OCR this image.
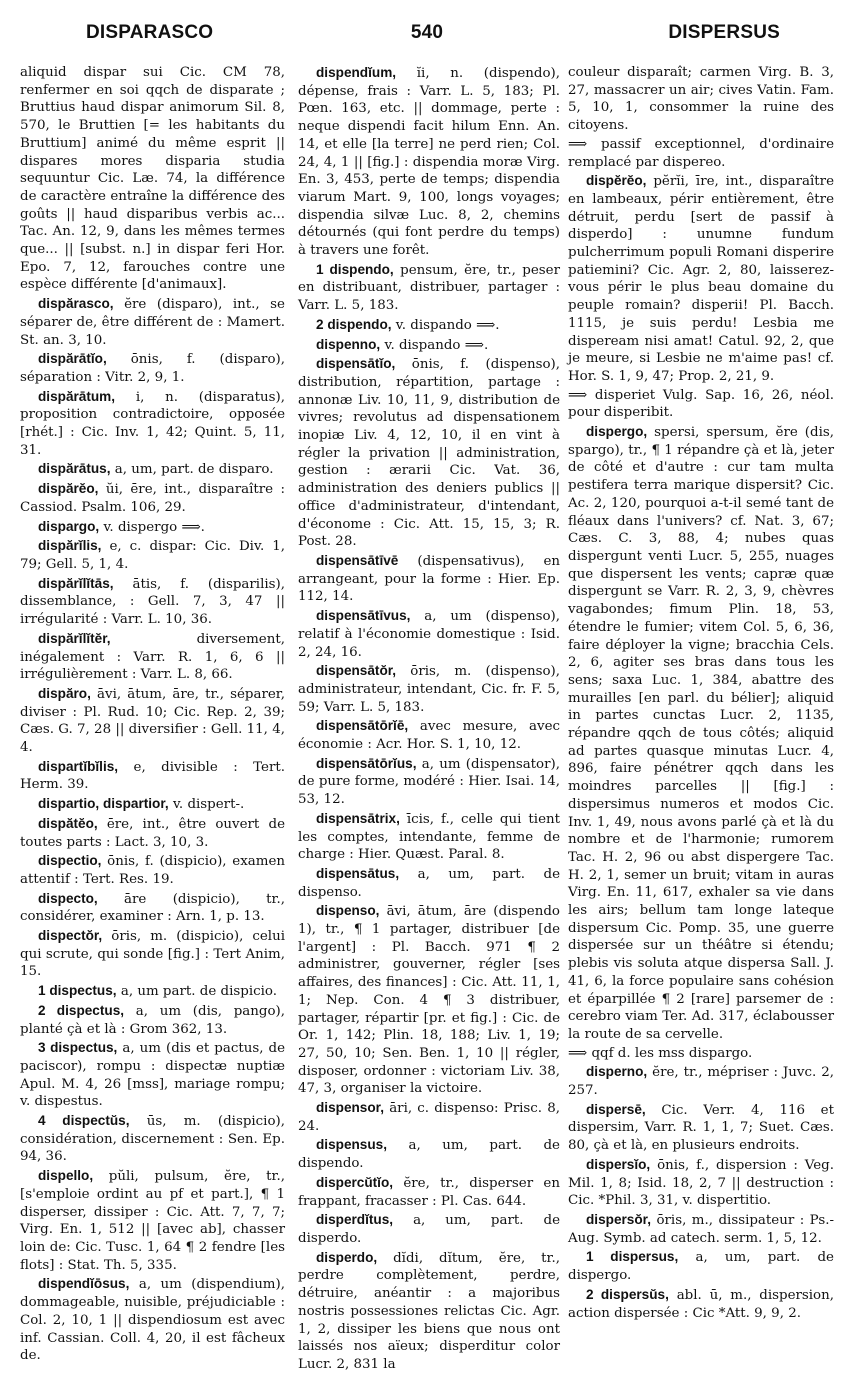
DISPARASCO	540	DISPERSUS

aliquid dispar sui Cic. CM 78, renfermer en soi qqch de disparate ; Bruttius haud dispar animorum Sil. 8, 570, le Bruttien [= les habitants du Bruttium] animé du même esprit || dispares mores disparia studia sequuntur Cic. Læ. 74, la différence de caractère entraîne la différence des goûts || haud disparibus verbis ac... Tac. An. 12, 9, dans les mêmes termes que... || [subst. n.] in dispar feri Hor. Epo. 7, 12, farouches contre une espèce différente [d'animaux].

dispărasco, ĕre (disparo), int., se séparer de, être différent de : Mamert. St. an. 3, 10.

dispărātĭo, ōnis, f. (disparo), séparation : Vitr. 2, 9, 1.

dispărātum, i, n. (disparatus), proposition contradictoire, opposée [rhét.] : Cic. Inv. 1, 42; Quint. 5, 11, 31.

dispărātus, a, um, part. de disparo.

dispărĕo, ŭi, ēre, int., disparaître : Cassiod. Psalm. 106, 29.

dispargo, v. dispergo ⟹.

dispărĭlis, e, c. dispar: Cic. Div. 1, 79; Gell. 5, 1, 4.

dispărĭlĭtās, ātis, f. (disparilis), dissemblance, : Gell. 7, 3, 47 || irrégularité : Varr. L. 10, 36.

dispărĭlĭtĕr,	diversement, inégalement : Varr. R. 1, 6, 6 || irrégulièrement : Varr. L. 8, 66.

dispăro, āvi, ātum, āre, tr., séparer, diviser : Pl. Rud. 10; Cic. Rep. 2, 39; Cæs. G. 7, 28 || diversifier : Gell. 11, 4, 4.

dispartĭbĭlis, e, divisible : Tert. Herm. 39.

dispartio, dispartior, v. dispert-.

dispătĕo, ēre, int., être ouvert de toutes parts : Lact. 3, 10, 3.

dispectio, ōnis, f. (dispicio), examen attentif : Tert. Res. 19.

dispecto, āre (dispicio), tr., considérer, examiner : Arn. 1, p. 13.

dispectŏr, ōris, m. (dispicio), celui qui scrute, qui sonde [fig.] : Tert Anim, 15.

1 dispectus, a, um part. de dispicio.

2 dispectus, a, um (dis, pango), planté çà et là : Grom 362, 13.

3 dispectus, a, um (dis et pactus, de paciscor), rompu : dispectæ nuptiæ Apul. M. 4, 26 [mss], mariage rompu; v. dispestus.

4 dispectŭs, ūs, m. (dispicio), considération, discernement : Sen. Ep. 94, 36.

dispello, pŭli, pulsum, ĕre, tr., [s'emploie ordint au pf et part.], ¶ 1 disperser, dissiper : Cic. Att. 7, 7, 7; Virg. En. 1, 512 || [avec ab], chasser loin de: Cic. Tusc. 1, 64 ¶ 2 fendre [les flots] : Stat. Th. 5, 335.

dispendĭōsus, a, um (dispendium), dommageable, nuisible, préjudiciable : Col. 2, 10, 1 || dispendiosum est avec inf. Cassian. Coll. 4, 20, il est fâcheux de.

dispendĭum, ĭi, n. (dispendo), dépense, frais : Varr. L. 5, 183; Pl. Pœn. 163, etc. || dommage, perte : neque dispendi facit hilum Enn. An. 14, et elle [la terre] ne perd rien; Col. 24, 4, 1 || [fig.] : dispendia moræ Virg. En. 3, 453, perte de temps; dispendia viarum Mart. 9, 100, longs voyages; dispendia silvæ Luc. 8, 2, chemins détournés (qui font perdre du temps) à travers une forêt.

1 dispendo, pensum, ĕre, tr., peser en distribuant, distribuer, partager : Varr. L. 5, 183.

2 dispendo, v. dispando ⟹.

dispenno, v. dispando ⟹.

dispensātĭo, ōnis, f. (dispenso), distribution, répartition, partage : annonæ Liv. 10, 11, 9, distribution de vivres; revolutus ad dispensationem inopiæ Liv. 4, 12, 10, il en vint à régler la privation || administration, gestion : ærarii Cic. Vat. 36, administration des deniers publics || office d'administrateur, d'intendant, d'économe : Cic. Att. 15, 15, 3; R. Post. 28.

dispensātīvē (dispensativus), en arrangeant, pour la forme : Hier. Ep. 112, 14.

dispensātīvus, a, um (dispenso), relatif à l'économie domestique : Isid. 2, 24, 16.

dispensātŏr, ōris, m. (dispenso), administrateur, intendant, Cic. fr. F. 5, 59; Varr. L. 5, 183.

dispensātōrĭē, avec mesure, avec économie : Acr. Hor. S. 1, 10, 12.

dispensātōrĭus, a, um (dispensator), de pure forme, modéré : Hier. Isai. 14, 53, 12.

dispensātrix, īcis, f., celle qui tient les comptes, intendante, femme de charge : Hier. Quæst. Paral. 8.

dispensātus, a, um, part. de dispenso.

dispenso, āvi, ātum, āre (dispendo 1), tr., ¶ 1 partager, distribuer [de l'argent] : Pl. Bacch. 971 ¶ 2 administrer, gouverner, régler [ses affaires, des finances] : Cic. Att. 11, 1, 1; Nep. Con. 4 ¶ 3 distribuer, partager, répartir [pr. et fig.] : Cic. de Or. 1, 142; Plin. 18, 188; Liv. 1, 19; 27, 50, 10; Sen. Ben. 1, 10 || régler, disposer, ordonner : victoriam Liv. 38, 47, 3, organiser la victoire.

dispensor, āri, c. dispenso: Prisc. 8, 24.

dispensus, a, um, part. de dispendo.

dispercŭtĭo, ĕre, tr., disperser en frappant, fracasser : Pl. Cas. 644.

disperdĭtus, a, um, part. de disperdo.

disperdo, dĭdi, dĭtum, ĕre, tr., perdre complètement, perdre, détruire, anéantir : a majoribus nostris possessiones relictas Cic. Agr. 1, 2, dissiper les biens que nous ont laissés nos aïeux; disperditur color Lucr. 2, 831 la

couleur disparaît; carmen Virg. B. 3, 27, massacrer un air; cives Vatin. Fam. 5, 10, 1, consommer la ruine des citoyens.

⟹ passif exceptionnel, d'ordinaire remplacé par dispereo.

dispĕrĕo, pĕrĭi, īre, int., disparaître en lambeaux, périr entièrement, être détruit, perdu [sert de passif à disperdo] : unumne fundum pulcherrimum populi Romani disperire patiemini? Cic. Agr. 2, 80, laisserez-vous périr le plus beau domaine du peuple romain? disperii! Pl. Bacch. 1115, je suis perdu! Lesbia me dispeream nisi amat! Catul. 92, 2, que je meure, si Lesbie ne m'aime pas! cf. Hor. S. 1, 9, 47; Prop. 2, 21, 9.

⟹ disperiet Vulg. Sap. 16, 26, néol. pour disperibit.

dispergo, spersi, spersum, ĕre (dis, spargo), tr., ¶ 1 répandre çà et là, jeter de côté et d'autre : cur tam multa pestifera terra marique dispersit? Cic. Ac. 2, 120, pourquoi a-t-il semé tant de fléaux dans l'univers? cf. Nat. 3, 67; Cæs. C. 3, 88, 4; nubes quas dispergunt venti Lucr. 5, 255, nuages que dispersent les vents; capræ quæ dispergunt se Varr. R. 2, 3, 9, chèvres vagabondes; fimum Plin. 18, 53, étendre le fumier; vitem Col. 5, 6, 36, faire déployer la vigne; bracchia Cels. 2, 6, agiter ses bras dans tous les sens; saxa Luc. 1, 384, abattre des murailles [en parl. du bélier]; aliquid in partes cunctas Lucr. 2, 1135, répandre qqch de tous côtés; aliquid ad partes quasque minutas Lucr. 4, 896, faire pénétrer qqch dans les moindres parcelles || [fig.] : dispersimus numeros et modos Cic. Inv. 1, 49, nous avons parlé çà et là du nombre et de l'harmonie; rumorem Tac. H. 2, 96 ou abst dispergere Tac. H. 2, 1, semer un bruit; vitam in auras Virg. En. 11, 617, exhaler sa vie dans les airs; bellum tam longe lateque dispersum Cic. Pomp. 35, une guerre dispersée sur un théâtre si étendu; plebis vis soluta atque dispersa Sall. J. 41, 6, la force populaire sans cohésion et éparpillée ¶ 2 [rare] parsemer de : cerebro viam Ter. Ad. 317, éclabousser la route de sa cervelle.

⟹ qqf d. les mss dispargo.

disperno, ĕre, tr., mépriser : Juvc. 2, 257.

dispersē, Cic. Verr. 4, 116 et dispersim, Varr. R. 1, 1, 7; Suet. Cæs. 80, çà et là, en plusieurs endroits.

dispersĭo, ōnis, f., dispersion : Veg. Mil. 1, 8; Isid. 18, 2, 7 || destruction : Cic. *Phil. 3, 31, v. dispertitio.

dispersŏr, ōris, m., dissipateur : Ps.-Aug. Symb. ad catech. serm. 1, 5, 12.

1 dispersus, a, um, part. de dispergo.

2 dispersŭs, abl. ū, m., dispersion, action dispersée : Cic *Att. 9, 9, 2.
